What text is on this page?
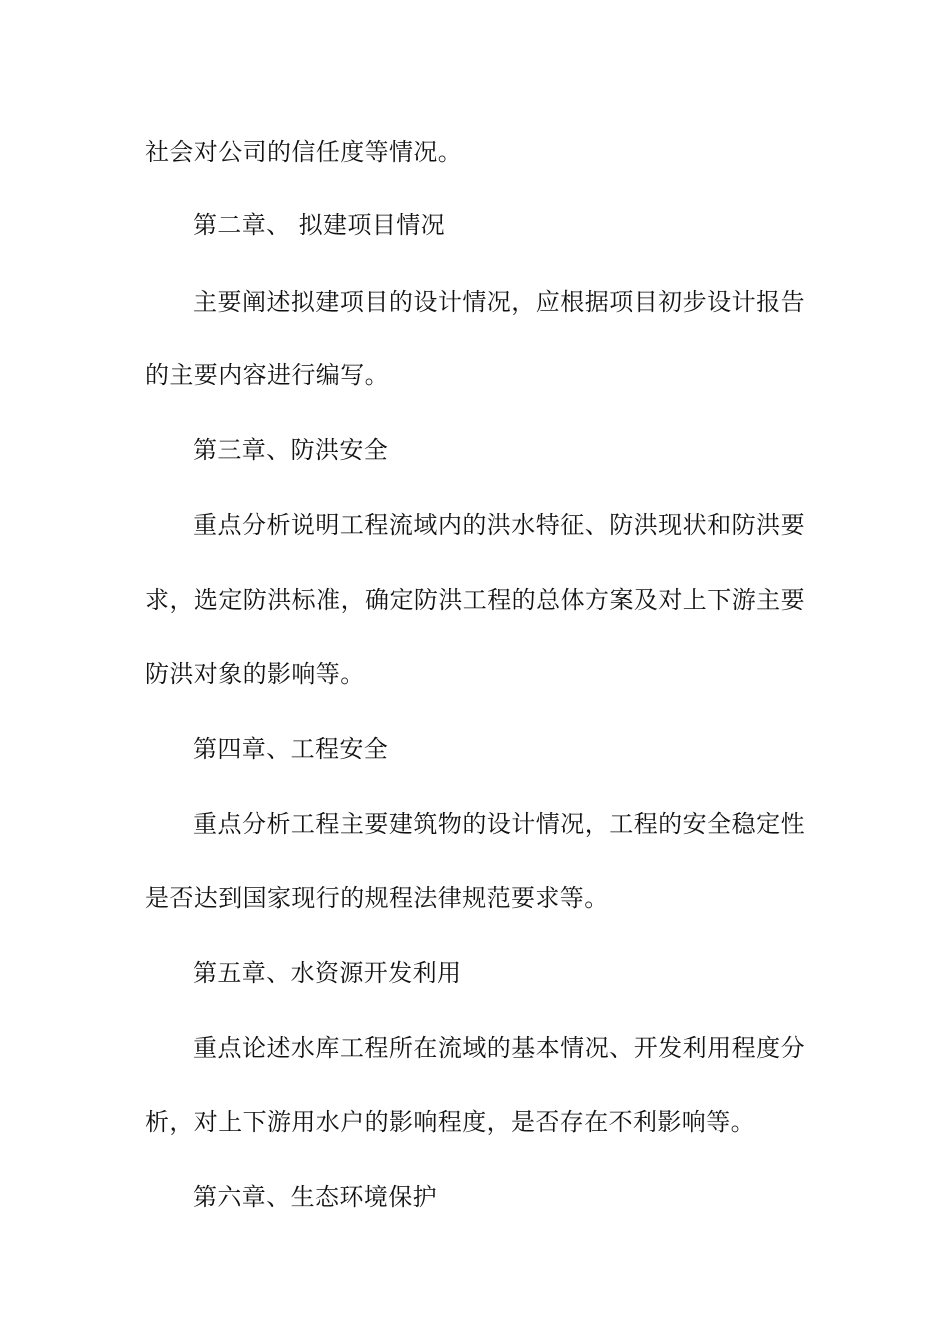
社会对公司的信任度等情况。
第二章、 拟建项目情况
主要阐述拟建项目的设计情况，应根据项目初步设计报告
的主要内容进行编写。
第三章、防洪安全
重点分析说明工程流域内的洪水特征、防洪现状和防洪要
求，选定防洪标准，确定防洪工程的总体方案及对上下游主要
防洪对象的影响等。
第四章、工程安全
重点分析工程主要建筑物的设计情况，工程的安全稳定性
是否达到国家现行的规程法律规范要求等。
第五章、水资源开发利用
重点论述水库工程所在流域的基本情况、开发利用程度分
析，对上下游用水户的影响程度，是否存在不利影响等。
第六章、生态环境保护
